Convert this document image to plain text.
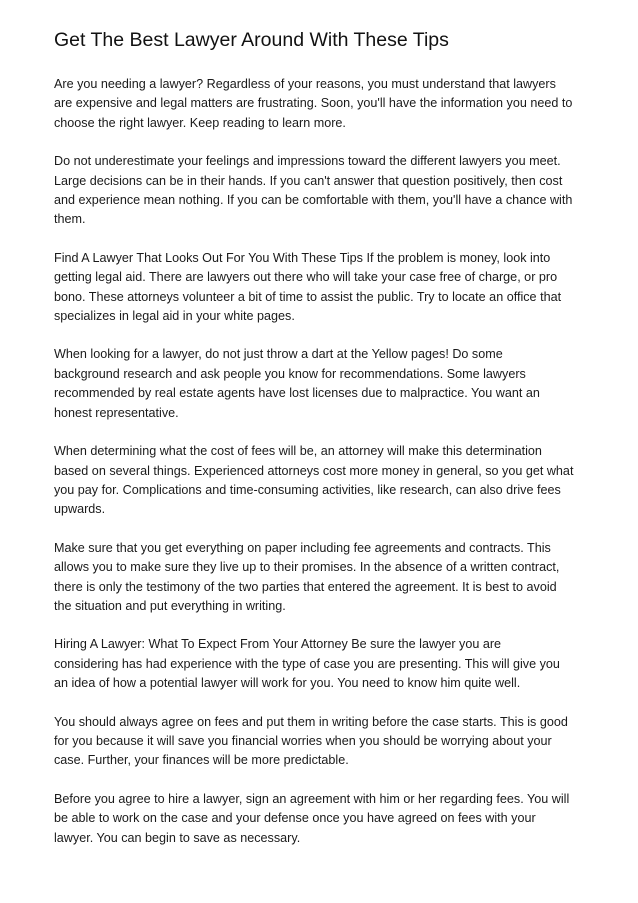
Get The Best Lawyer Around With These Tips
Are you needing a lawyer? Regardless of your reasons, you must understand that lawyers
are expensive and legal matters are frustrating. Soon, you'll have the information you need to
choose the right lawyer. Keep reading to learn more.
Do not underestimate your feelings and impressions toward the different lawyers you meet.
Large decisions can be in their hands. If you can't answer that question positively, then cost
and experience mean nothing. If you can be comfortable with them, you'll have a chance with
them.
Find A Lawyer That Looks Out For You With These Tips If the problem is money, look into
getting legal aid. There are lawyers out there who will take your case free of charge, or pro
bono. These attorneys volunteer a bit of time to assist the public. Try to locate an office that
specializes in legal aid in your white pages.
When looking for a lawyer, do not just throw a dart at the Yellow pages! Do some
background research and ask people you know for recommendations. Some lawyers
recommended by real estate agents have lost licenses due to malpractice. You want an
honest representative.
When determining what the cost of fees will be, an attorney will make this determination
based on several things. Experienced attorneys cost more money in general, so you get what
you pay for. Complications and time-consuming activities, like research, can also drive fees
upwards.
Make sure that you get everything on paper including fee agreements and contracts. This
allows you to make sure they live up to their promises. In the absence of a written contract,
there is only the testimony of the two parties that entered the agreement. It is best to avoid
the situation and put everything in writing.
Hiring A Lawyer: What To Expect From Your Attorney Be sure the lawyer you are
considering has had experience with the type of case you are presenting. This will give you
an idea of how a potential lawyer will work for you. You need to know him quite well.
You should always agree on fees and put them in writing before the case starts. This is good
for you because it will save you financial worries when you should be worrying about your
case. Further, your finances will be more predictable.
Before you agree to hire a lawyer, sign an agreement with him or her regarding fees. You will
be able to work on the case and your defense once you have agreed on fees with your
lawyer. You can begin to save as necessary.
